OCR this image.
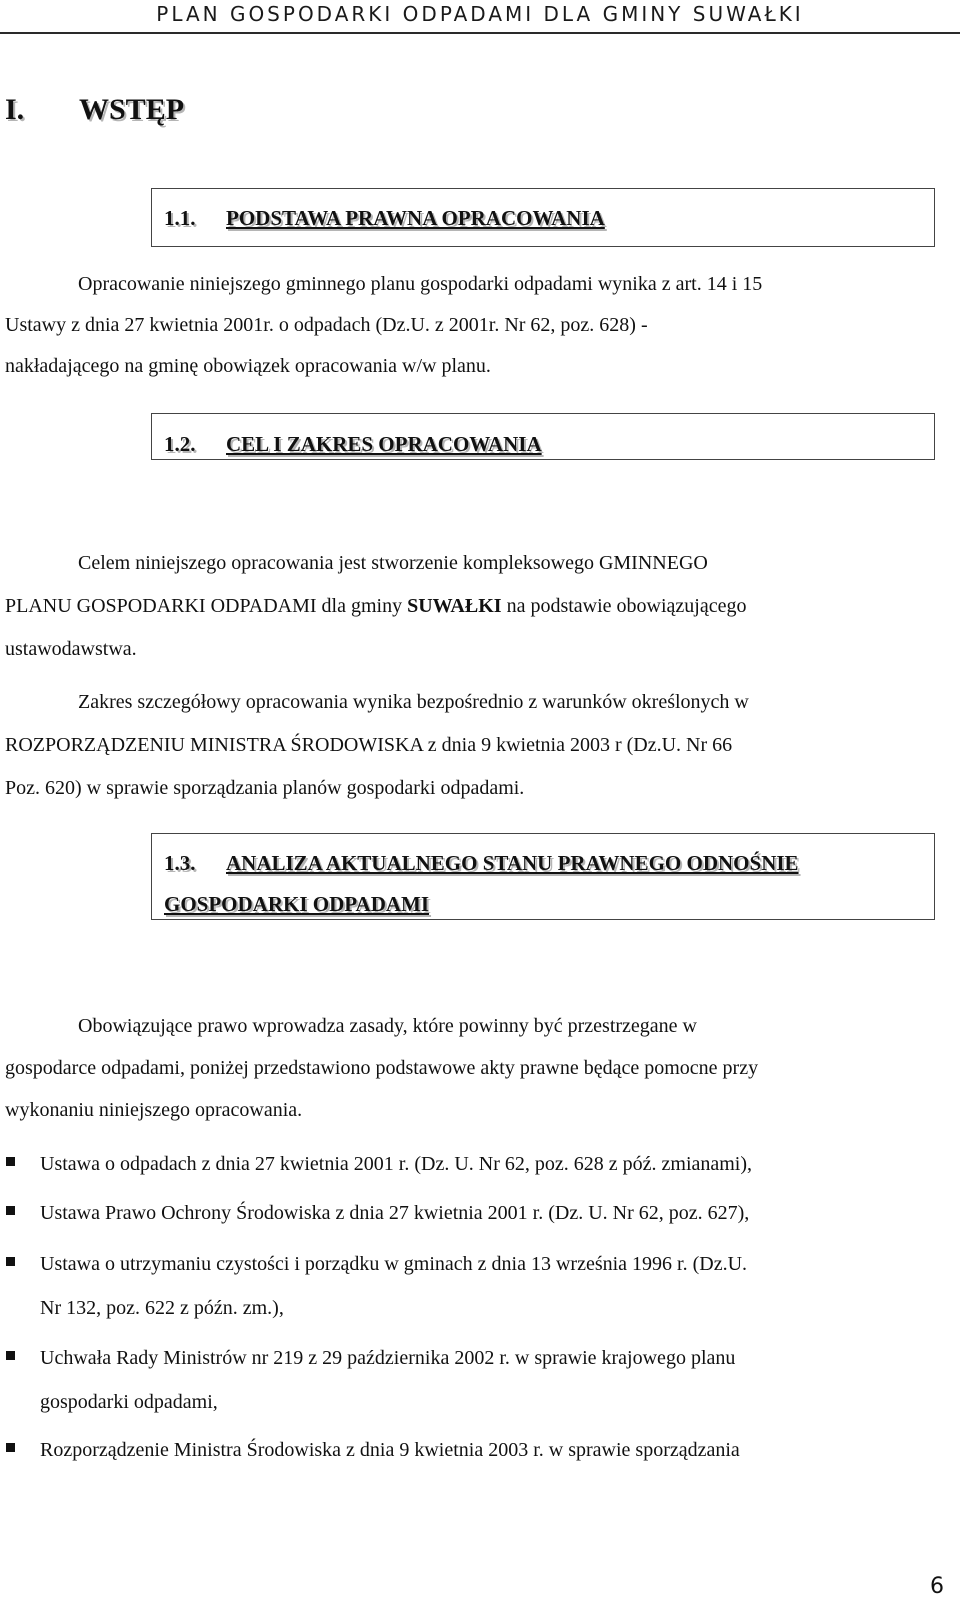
PLAN GOSPODARKI ODPADAMI DLA GMINY SUWAŁKI
I. WSTĘP
1.1. PODSTAWA PRAWNA OPRACOWANIA
Opracowanie niniejszego gminnego planu gospodarki odpadami wynika z art. 14 i 15
Ustawy z dnia 27 kwietnia 2001r. o odpadach (Dz.U. z 2001r. Nr 62, poz. 628) -
nakładającego na gminę obowiązek opracowania w/w planu.
1.2. CEL I ZAKRES OPRACOWANIA
Celem niniejszego opracowania jest stworzenie kompleksowego GMINNEGO
PLANU GOSPODARKI ODPADAMI dla gminy SUWAŁKI na podstawie obowiązującego
ustawodawstwa.
Zakres szczegółowy opracowania wynika bezpośrednio z warunków określonych w
ROZPORZĄDZENIU MINISTRA ŚRODOWISKA z dnia 9 kwietnia 2003 r (Dz.U. Nr 66
Poz. 620) w sprawie sporządzania planów gospodarki odpadami.
1.3. ANALIZA AKTUALNEGO STANU PRAWNEGO ODNOŚNIE
GOSPODARKI ODPADAMI
Obowiązujące prawo wprowadza zasady, które powinny być przestrzegane w
gospodarce odpadami, poniżej przedstawiono podstawowe akty prawne będące pomocne przy
wykonaniu niniejszego opracowania.
Ustawa o odpadach z dnia 27 kwietnia 2001 r. (Dz. U. Nr 62, poz. 628 z póź. zmianami),
Ustawa Prawo Ochrony Środowiska z dnia 27 kwietnia 2001 r. (Dz. U. Nr 62, poz. 627),
Ustawa o utrzymaniu czystości i porządku w gminach z dnia 13 września 1996 r. (Dz.U.
Nr 132, poz. 622 z późn. zm.),
Uchwała Rady Ministrów nr 219 z 29 października 2002 r. w sprawie krajowego planu
gospodarki odpadami,
Rozporządzenie Ministra Środowiska z dnia 9 kwietnia 2003 r. w sprawie sporządzania
6
